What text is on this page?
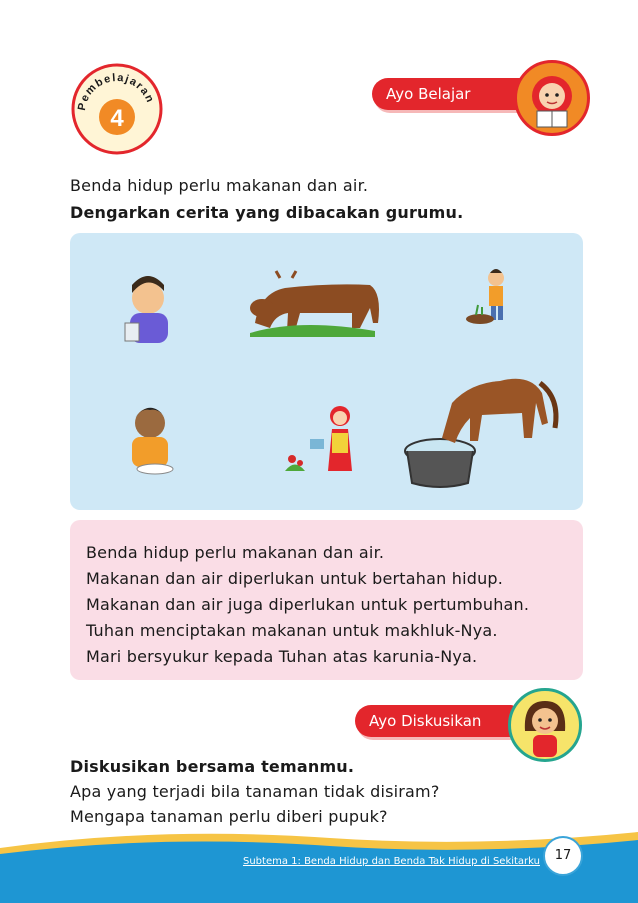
Pembelajaran
4
Ayo Belajar
Benda hidup perlu makanan dan air.
Dengarkan cerita yang dibacakan gurumu.
Benda hidup perlu makanan dan air.
Makanan dan air diperlukan untuk bertahan hidup.
Makanan dan air juga diperlukan untuk pertumbuhan.
Tuhan menciptakan makanan untuk makhluk-Nya.
Mari bersyukur kepada Tuhan atas karunia-Nya.
Ayo Diskusikan
Diskusikan bersama temanmu.
Apa yang terjadi bila tanaman tidak disiram?
Mengapa tanaman perlu diberi pupuk?
Subtema 1: Benda Hidup dan Benda Tak Hidup di Sekitarku	17
